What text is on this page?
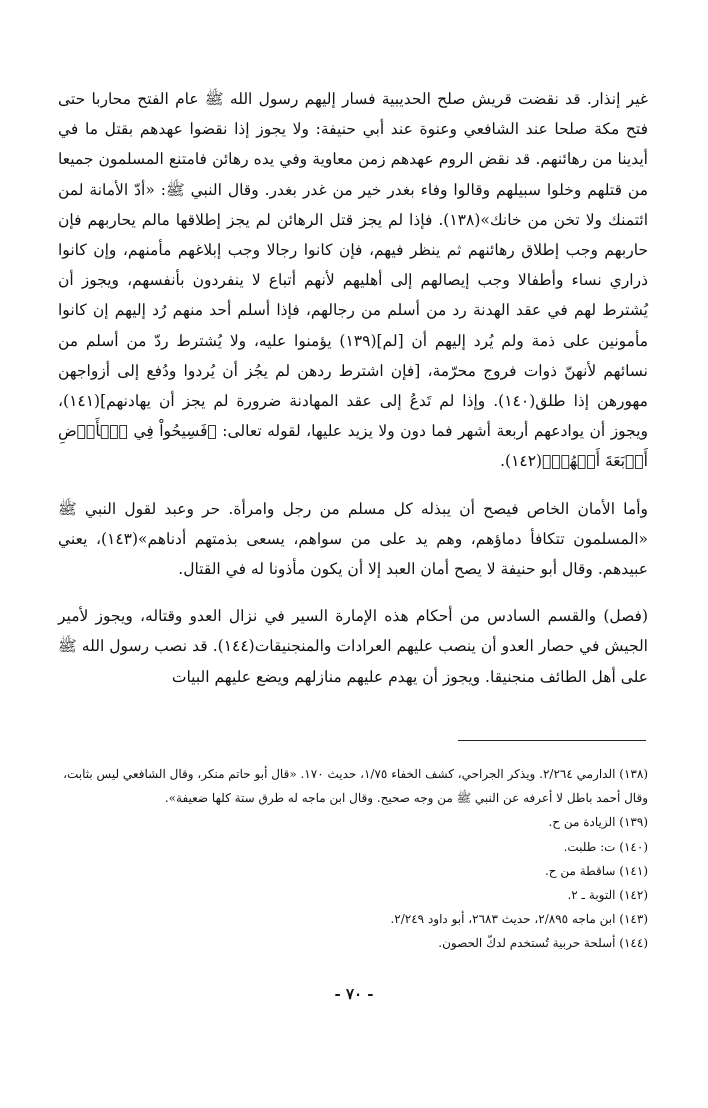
غير إنذار. قد نقضت قريش صلح الحديبية فسار إليهم رسول الله ﷺ عام الفتح محاربا حتى فتح مكة صلحا عند الشافعي وعنوة عند أبي حنيفة: ولا يجوز إذا نقضوا عهدهم بقتل ما في أيدينا من رهائنهم. قد نقض الروم عهدهم زمن معاوية وفي يده رهائن فامتنع المسلمون جميعا من قتلهم وخلوا سبيلهم وقالوا وفاء بغدر خير من غدر بغدر. وقال النبي ﷺ: «أدّ الأمانة لمن ائتمنك ولا تخن من خانك»(١٣٨). فإذا لم يجز قتل الرهائن لم يجز إطلاقها مالم يحاربهم فإن حاربهم وجب إطلاق رهائنهم ثم ينظر فيهم، فإن كانوا رجالا وجب إبلاغهم مأمنهم، وإن كانوا ذراري نساء وأطفالا وجب إيصالهم إلى أهليهم لأنهم أتباع لا ينفردون بأنفسهم، ويجوز أن يُشترط لهم في عقد الهدنة رد من أسلم من رجالهم، فإذا أسلم أحد منهم رُد إليهم إن كانوا مأمونين على ذمة ولم يُرد إليهم أن [لم](١٣٩) يؤمنوا عليه، ولا يُشترط ردّ من أسلم من نسائهم لأنهنّ ذوات فروج محرّمة، [فإن اشترط ردهن لم يجُز أن يُردوا ودُفع إلى أزواجهن مهورهن إذا طلق(١٤٠). وإذا لم تَدعُ إلى عقد المهادنة ضرورة لم يجز أن يهادنهم](١٤١)، ويجوز أن يوادعهم أربعة أشهر فما دون ولا يزيد عليها، لقوله تعالى: ﴿فَسِيحُواْ فِي ٱلۡأَرۡضِ أَرۡبَعَةَ أَشۡهُرٖ﴾(١٤٢).

وأما الأمان الخاص فيصح أن يبذله كل مسلم من رجل وامرأة. حر وعبد لقول النبي ﷺ «المسلمون تتكافأ دماؤهم، وهم يد على من سواهم، يسعى بذمتهم أدناهم»(١٤٣)، يعني عبيدهم. وقال أبو حنيفة لا يصح أمان العبد إلا أن يكون مأذونا له في القتال.

(فصل) والقسم السادس من أحكام هذه الإمارة السير في نزال العدو وقتاله، ويجوز لأمير الجيش في حصار العدو أن ينصب عليهم العرادات والمنجنيقات(١٤٤). قد نصب رسول الله ﷺ على أهل الطائف منجنيقا. ويجوز أن يهدم عليهم منازلهم ويضع عليهم البيات

(١٣٨) الدارمي ٢/٢٦٤. ويذكر الجراحي، كشف الخفاء ١/٧٥، حديث ١٧٠. «قال أبو حاتم منكر، وقال الشافعي ليس بثابت، وقال أحمد باطل لا أعرفه عن النبي ﷺ من وجه صحيح. وقال ابن ماجه له طرق ستة كلها ضعيفة».

(١٣٩) الزيادة من ح.

(١٤٠) ت: طلبت.

(١٤١) ساقطة من ح.

(١٤٢) التوبة ـ ٢.

(١٤٣) ابن ماجه ٢/٨٩٥، حديث ٢٦٨٣، أبو داود ٢/٢٤٩.

(١٤٤) أسلحة حربية تُستخدم لدكّ الحصون.

- ٧٠ -
